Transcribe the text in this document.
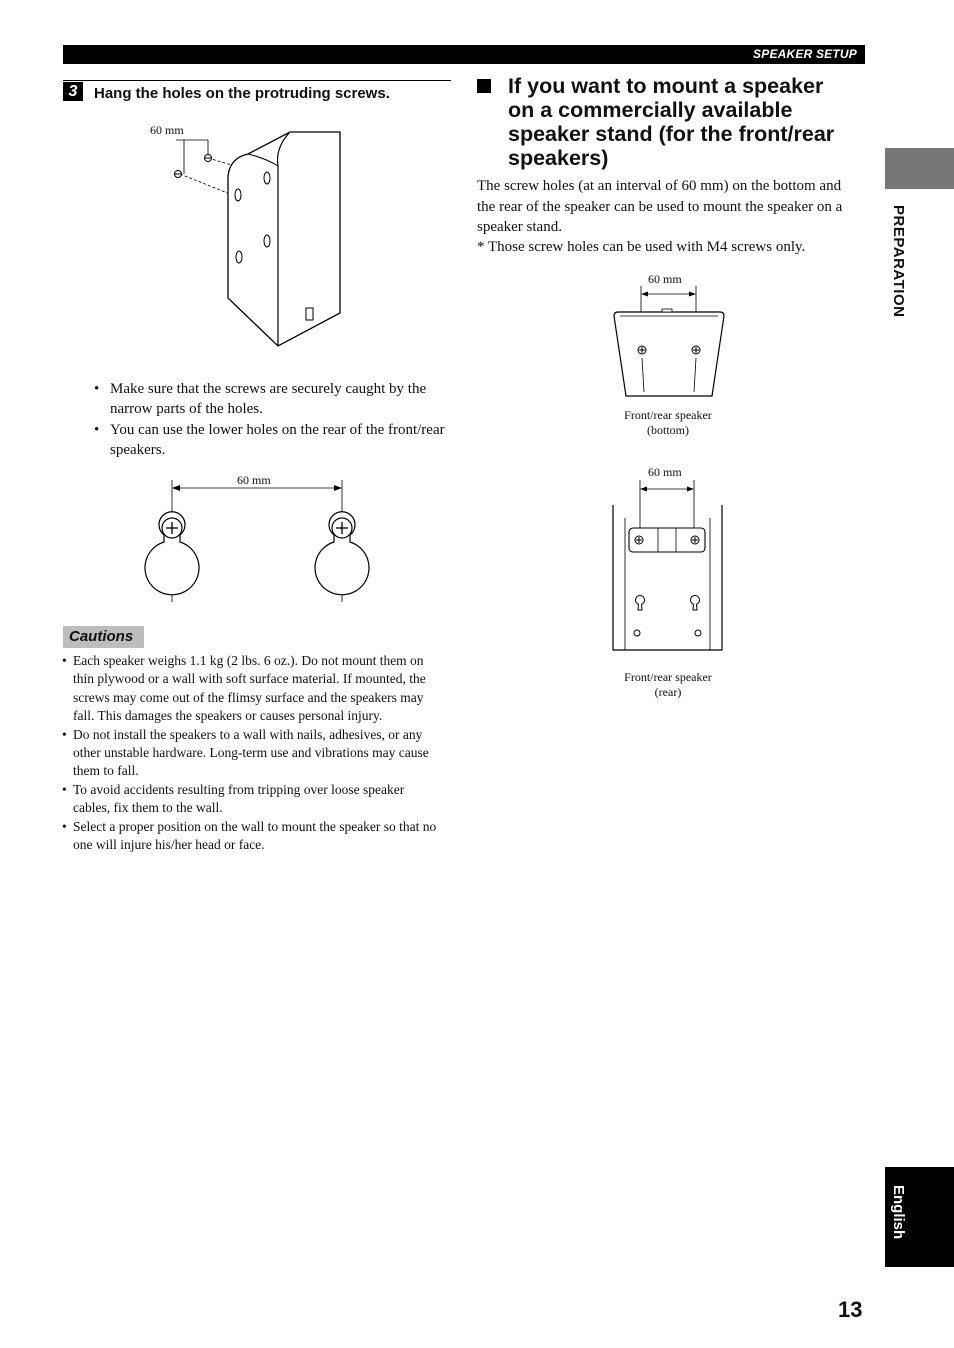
SPEAKER SETUP
PREPARATION
English
13
3	Hang the holes on the protruding screws.
60 mm
• Make sure that the screws are securely caught by the narrow parts of the holes.
• You can use the lower holes on the rear of the front/rear speakers.
60 mm
Cautions
• Each speaker weighs 1.1 kg (2 lbs. 6 oz.). Do not mount them on thin plywood or a wall with soft surface material. If mounted, the screws may come out of the flimsy surface and the speakers may fall. This damages the speakers or causes personal injury.
• Do not install the speakers to a wall with nails, adhesives, or any other unstable hardware. Long-term use and vibrations may cause them to fall.
• To avoid accidents resulting from tripping over loose speaker cables, fix them to the wall.
• Select a proper position on the wall to mount the speaker so that no one will injure his/her head or face.
If you want to mount a speaker on a commercially available speaker stand (for the front/rear speakers)

The screw holes (at an interval of 60 mm) on the bottom and the rear of the speaker can be used to mount the speaker on a speaker stand.

* Those screw holes can be used with M4 screws only.

60 mm
Front/rear speaker
(bottom)
60 mm
Front/rear speaker
(rear)
